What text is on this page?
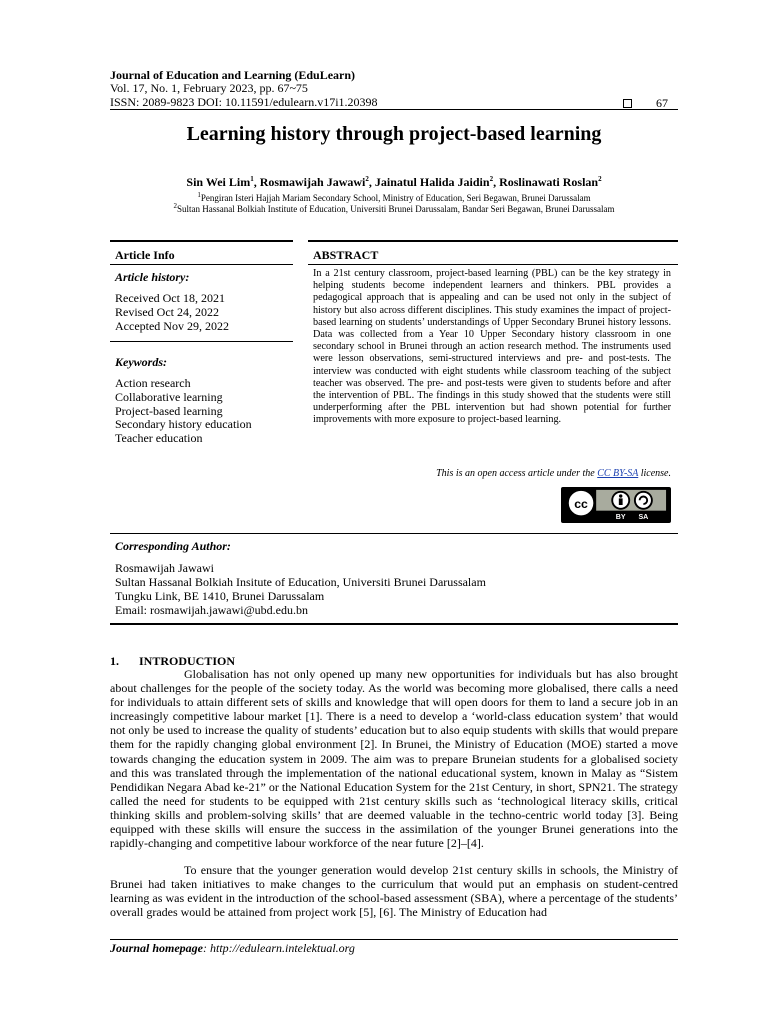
Journal of Education and Learning (EduLearn)
Vol. 17, No. 1, February 2023, pp. 67~75
ISSN: 2089-9823 DOI: 10.11591/edulearn.v17i1.20398	67
Learning history through project-based learning
Sin Wei Lim$^1$, Rosmawijah Jawawi$^2$, Jainatul Halida Jaidin$^2$, Roslinawati Roslan$^2$
$^1$Pengiran Isteri Hajjah Mariam Secondary School, Ministry of Education, Seri Begawan, Brunei Darussalam
$^2$Sultan Hassanal Bolkiah Institute of Education, Universiti Brunei Darussalam, Bandar Seri Begawan, Brunei Darussalam
Article Info
Article history:
Received Oct 18, 2021
Revised Oct 24, 2022
Accepted Nov 29, 2022
Keywords:
Action research
Collaborative learning
Project-based learning
Secondary history education
Teacher education
ABSTRACT
In a 21st century classroom, project-based learning (PBL) can be the key strategy in helping students become independent learners and thinkers. PBL provides a pedagogical approach that is appealing and can be used not only in the subject of history but also across different disciplines. This study examines the impact of project-based learning on students’ understandings of Upper Secondary Brunei history lessons. Data was collected from a Year 10 Upper Secondary history classroom in one secondary school in Brunei through an action research method. The instruments used were lesson observations, semi-structured interviews and pre- and post-tests. The interview was conducted with eight students while classroom teaching of the subject teacher was observed. The pre- and post-tests were given to students before and after the intervention of PBL. The findings in this study showed that the students were still underperforming after the PBL intervention but had shown potential for further improvements with more exposure to project-based learning.
This is an open access article under the CC BY-SA license.
cc
BY SA
Corresponding Author:
Rosmawijah Jawawi
Sultan Hassanal Bolkiah Insitute of Education, Universiti Brunei Darussalam
Tungku Link, BE 1410, Brunei Darussalam
Email: rosmawijah.jawawi@ubd.edu.bn
1. INTRODUCTION
Globalisation has not only opened up many new opportunities for individuals but has also brought about challenges for the people of the society today. As the world was becoming more globalised, there calls a need for individuals to attain different sets of skills and knowledge that will open doors for them to land a secure job in an increasingly competitive labour market [1]. There is a need to develop a ‘world-class education system’ that would not only be used to increase the quality of students’ education but to also equip students with skills that would prepare them for the rapidly changing global environment [2]. In Brunei, the Ministry of Education (MOE) started a move towards changing the education system in 2009. The aim was to prepare Bruneian students for a globalised society and this was translated through the implementation of the national educational system, known in Malay as “Sistem Pendidikan Negara Abad ke-21” or the National Education System for the 21st Century, in short, SPN21. The strategy called the need for students to be equipped with 21st century skills such as ‘technological literacy skills, critical thinking skills and problem-solving skills’ that are deemed valuable in the techno-centric world today [3]. Being equipped with these skills will ensure the success in the assimilation of the younger Brunei generations into the rapidly-changing and competitive labour workforce of the near future [2]–[4].
To ensure that the younger generation would develop 21st century skills in schools, the Ministry of Brunei had taken initiatives to make changes to the curriculum that would put an emphasis on student-centred learning as was evident in the introduction of the school-based assessment (SBA), where a percentage of the students’ overall grades would be attained from project work [5], [6]. The Ministry of Education had
Journal homepage: http://edulearn.intelektual.org
